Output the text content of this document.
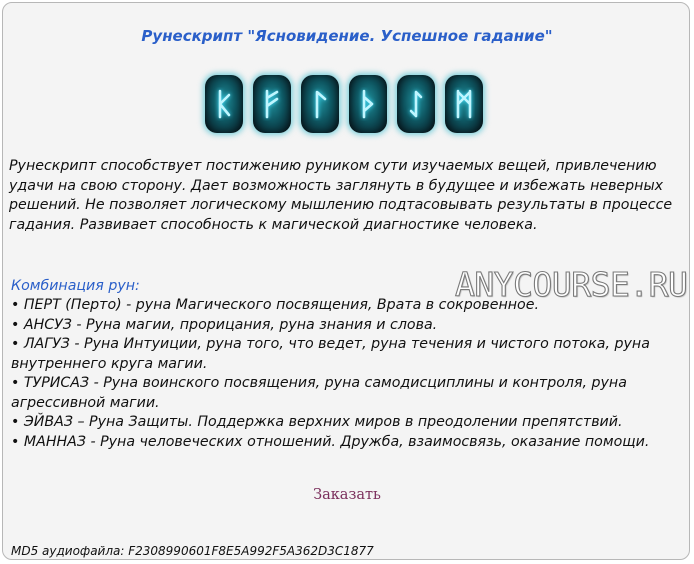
Рунескрипт "Ясновидение. Успешное гадание"

Рунескрипт способствует постижению руником сути изучаемых вещей, привлечению удачи на свою сторону. Дает возможность заглянуть в будущее и избежать неверных решений. Не позволяет логическому мышлению подтасовывать результаты в процессе гадания. Развивает способность к магической диагностике человека.

Комбинация рун:

• ПЕРТ (Перто) - руна Магического посвящения, Врата в сокровенное.
• АНСУЗ - Руна магии, прорицания, руна знания и слова.
• ЛАГУЗ - Руна Интуиции, руна того, что ведет, руна течения и чистого потока, руна внутреннего круга магии.
• ТУРИСАЗ - Руна воинского посвящения, руна самодисциплины и контроля, руна агрессивной магии.
• ЭЙВАЗ – Руна Защиты. Поддержка верхних миров в преодолении препятствий.
• МАННАЗ - Руна человеческих отношений. Дружба, взаимосвязь, оказание помощи.
ANYCOURSE.RU
Заказать

MD5 аудиофайла: F2308990601F8E5A992F5A362D3C1877
